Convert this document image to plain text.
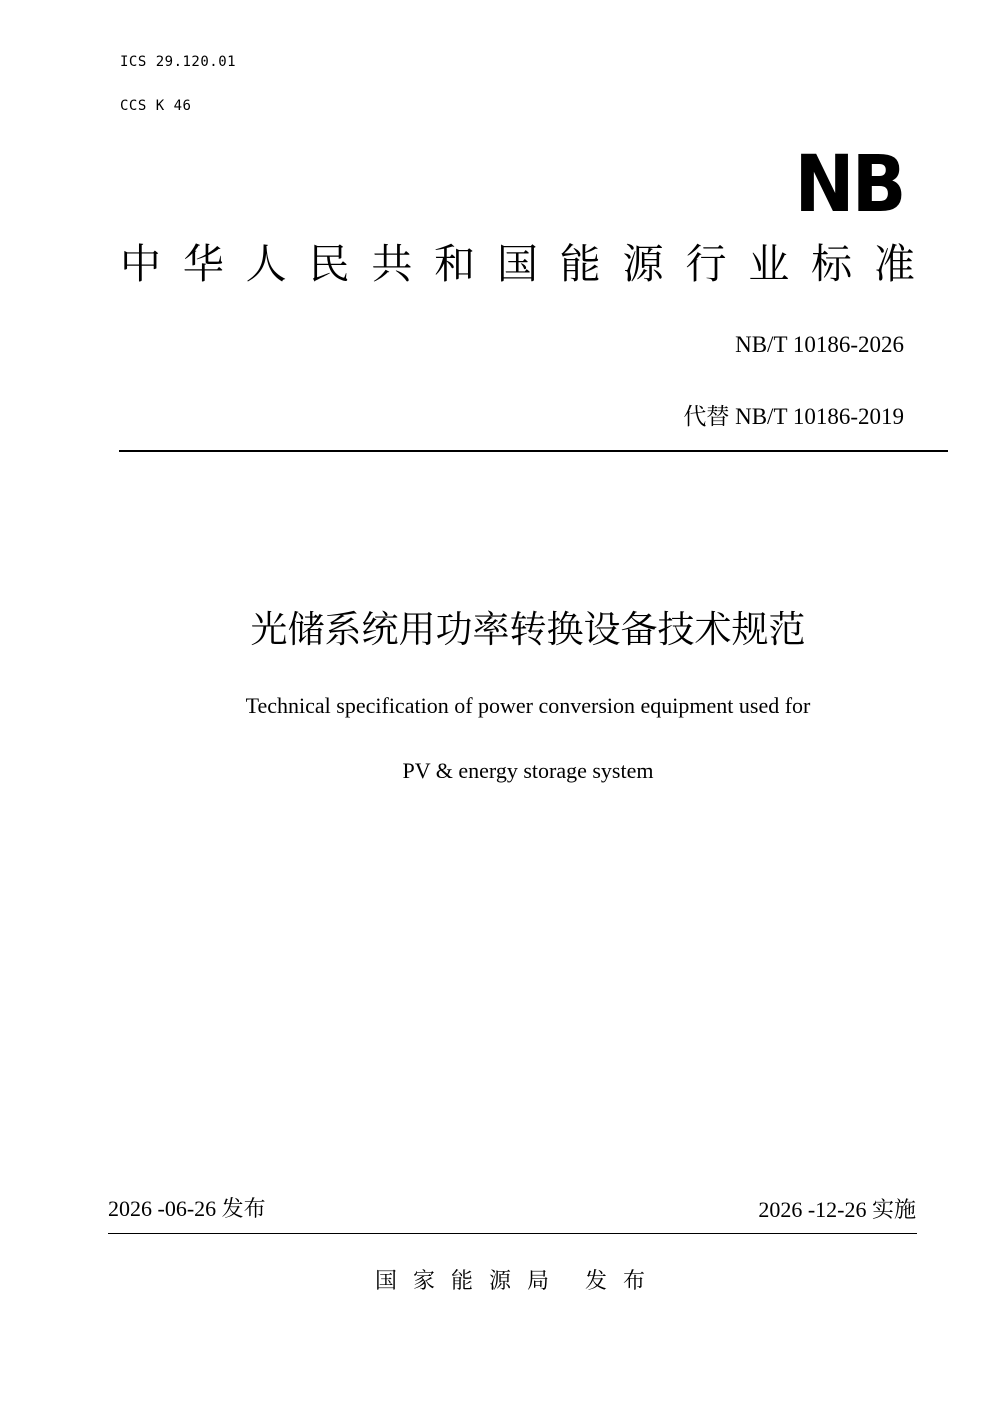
ICS 29.120.01
CCS K 46
NB
中 华 人 民 共 和 国 能 源 行 业 标 准
NB/T 10186-2026
代替 NB/T 10186-2019
光储系统用功率转换设备技术规范
Technical specification of power conversion equipment used for
PV & energy storage system
2026 -06-26 发布	2026 -12-26 实施
国家能源局 发布
